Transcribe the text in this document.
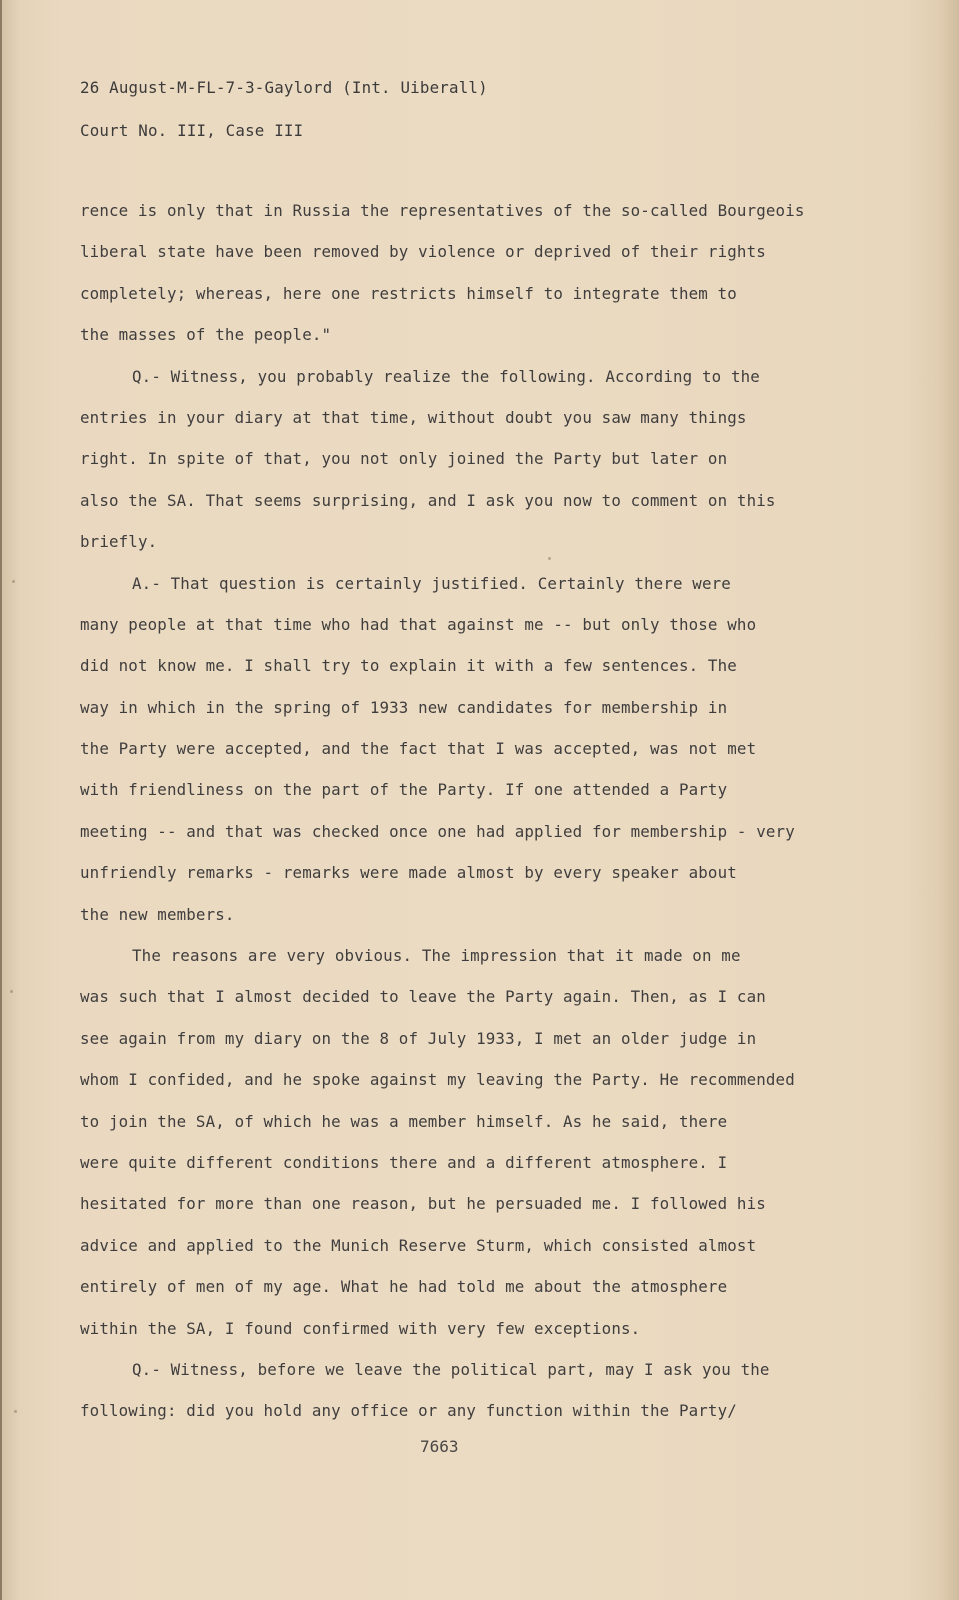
26 August-M-FL-7-3-Gaylord (Int. Uiberall)
Court No. III, Case III
rence is only that in Russia the representatives of the so-called Bourgeois
liberal state have been removed by violence or deprived of their rights
completely; whereas, here one restricts himself to integrate them to
the masses of the people."
Q.- Witness, you probably realize the following. According to the
entries in your diary at that time, without doubt you saw many things
right. In spite of that, you not only joined the Party but later on
also the SA. That seems surprising, and I ask you now to comment on this
briefly.
A.- That question is certainly justified. Certainly there were
many people at that time who had that against me -- but only those who
did not know me. I shall try to explain it with a few sentences. The
way in which in the spring of 1933 new candidates for membership in
the Party were accepted, and the fact that I was accepted, was not met
with friendliness on the part of the Party. If one attended a Party
meeting -- and that was checked once one had applied for membership - very
unfriendly remarks - remarks were made almost by every speaker about
the new members.
The reasons are very obvious. The impression that it made on me
was such that I almost decided to leave the Party again. Then, as I can
see again from my diary on the 8 of July 1933, I met an older judge in
whom I confided, and he spoke against my leaving the Party. He recommended
to join the SA, of which he was a member himself. As he said, there
were quite different conditions there and a different atmosphere. I
hesitated for more than one reason, but he persuaded me. I followed his
advice and applied to the Munich Reserve Sturm, which consisted almost
entirely of men of my age. What he had told me about the atmosphere
within the SA, I found confirmed with very few exceptions.
Q.- Witness, before we leave the political part, may I ask you the
following: did you hold any office or any function within the Party/
7663
